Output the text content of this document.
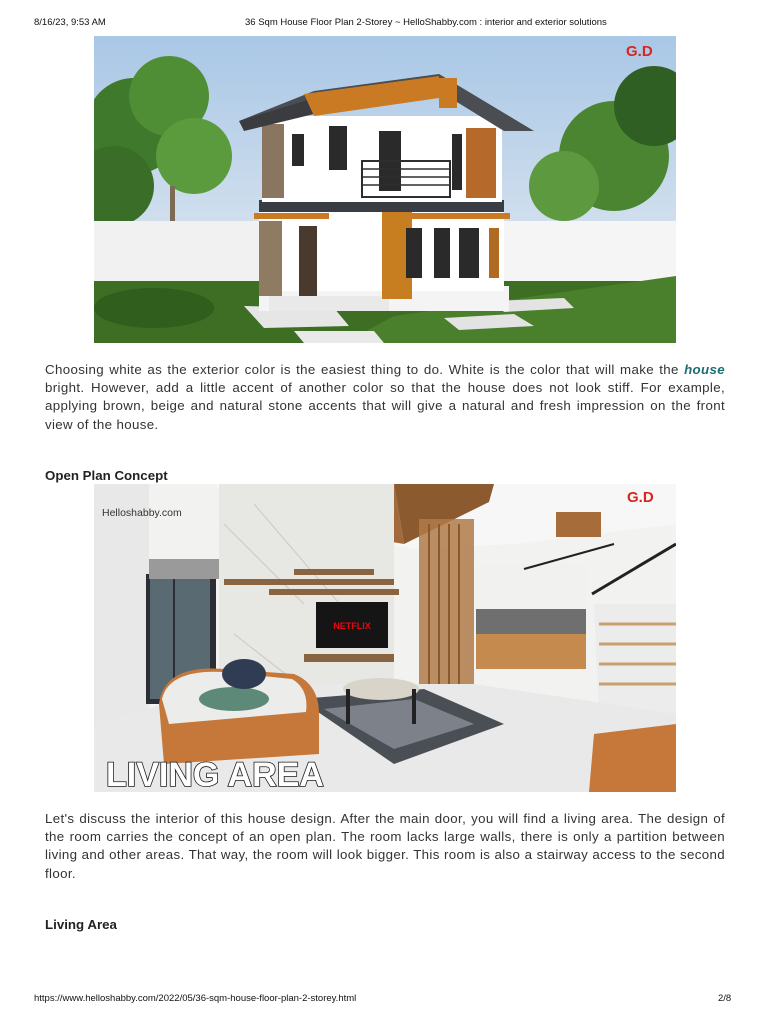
8/16/23, 9:53 AM	36 Sqm House Floor Plan 2-Storey ~ HelloShabby.com : interior and exterior solutions
G.D

Choosing white as the exterior color is the easiest thing to do. White is the color that will make the house bright. However, add a little accent of another color so that the house does not look stiff. For example, applying brown, beige and natural stone accents that will give a natural and fresh impression on the front view of the house.

Open Plan Concept
NETFLIX
Helloshabby.com
G.D
LIVING AREA

Let's discuss the interior of this house design. After the main door, you will find a living area. The design of the room carries the concept of an open plan. The room lacks large walls, there is only a partition between living and other areas. That way, the room will look bigger. This room is also a stairway access to the second floor.

Living Area
https://www.helloshabby.com/2022/05/36-sqm-house-floor-plan-2-storey.html	2/8
